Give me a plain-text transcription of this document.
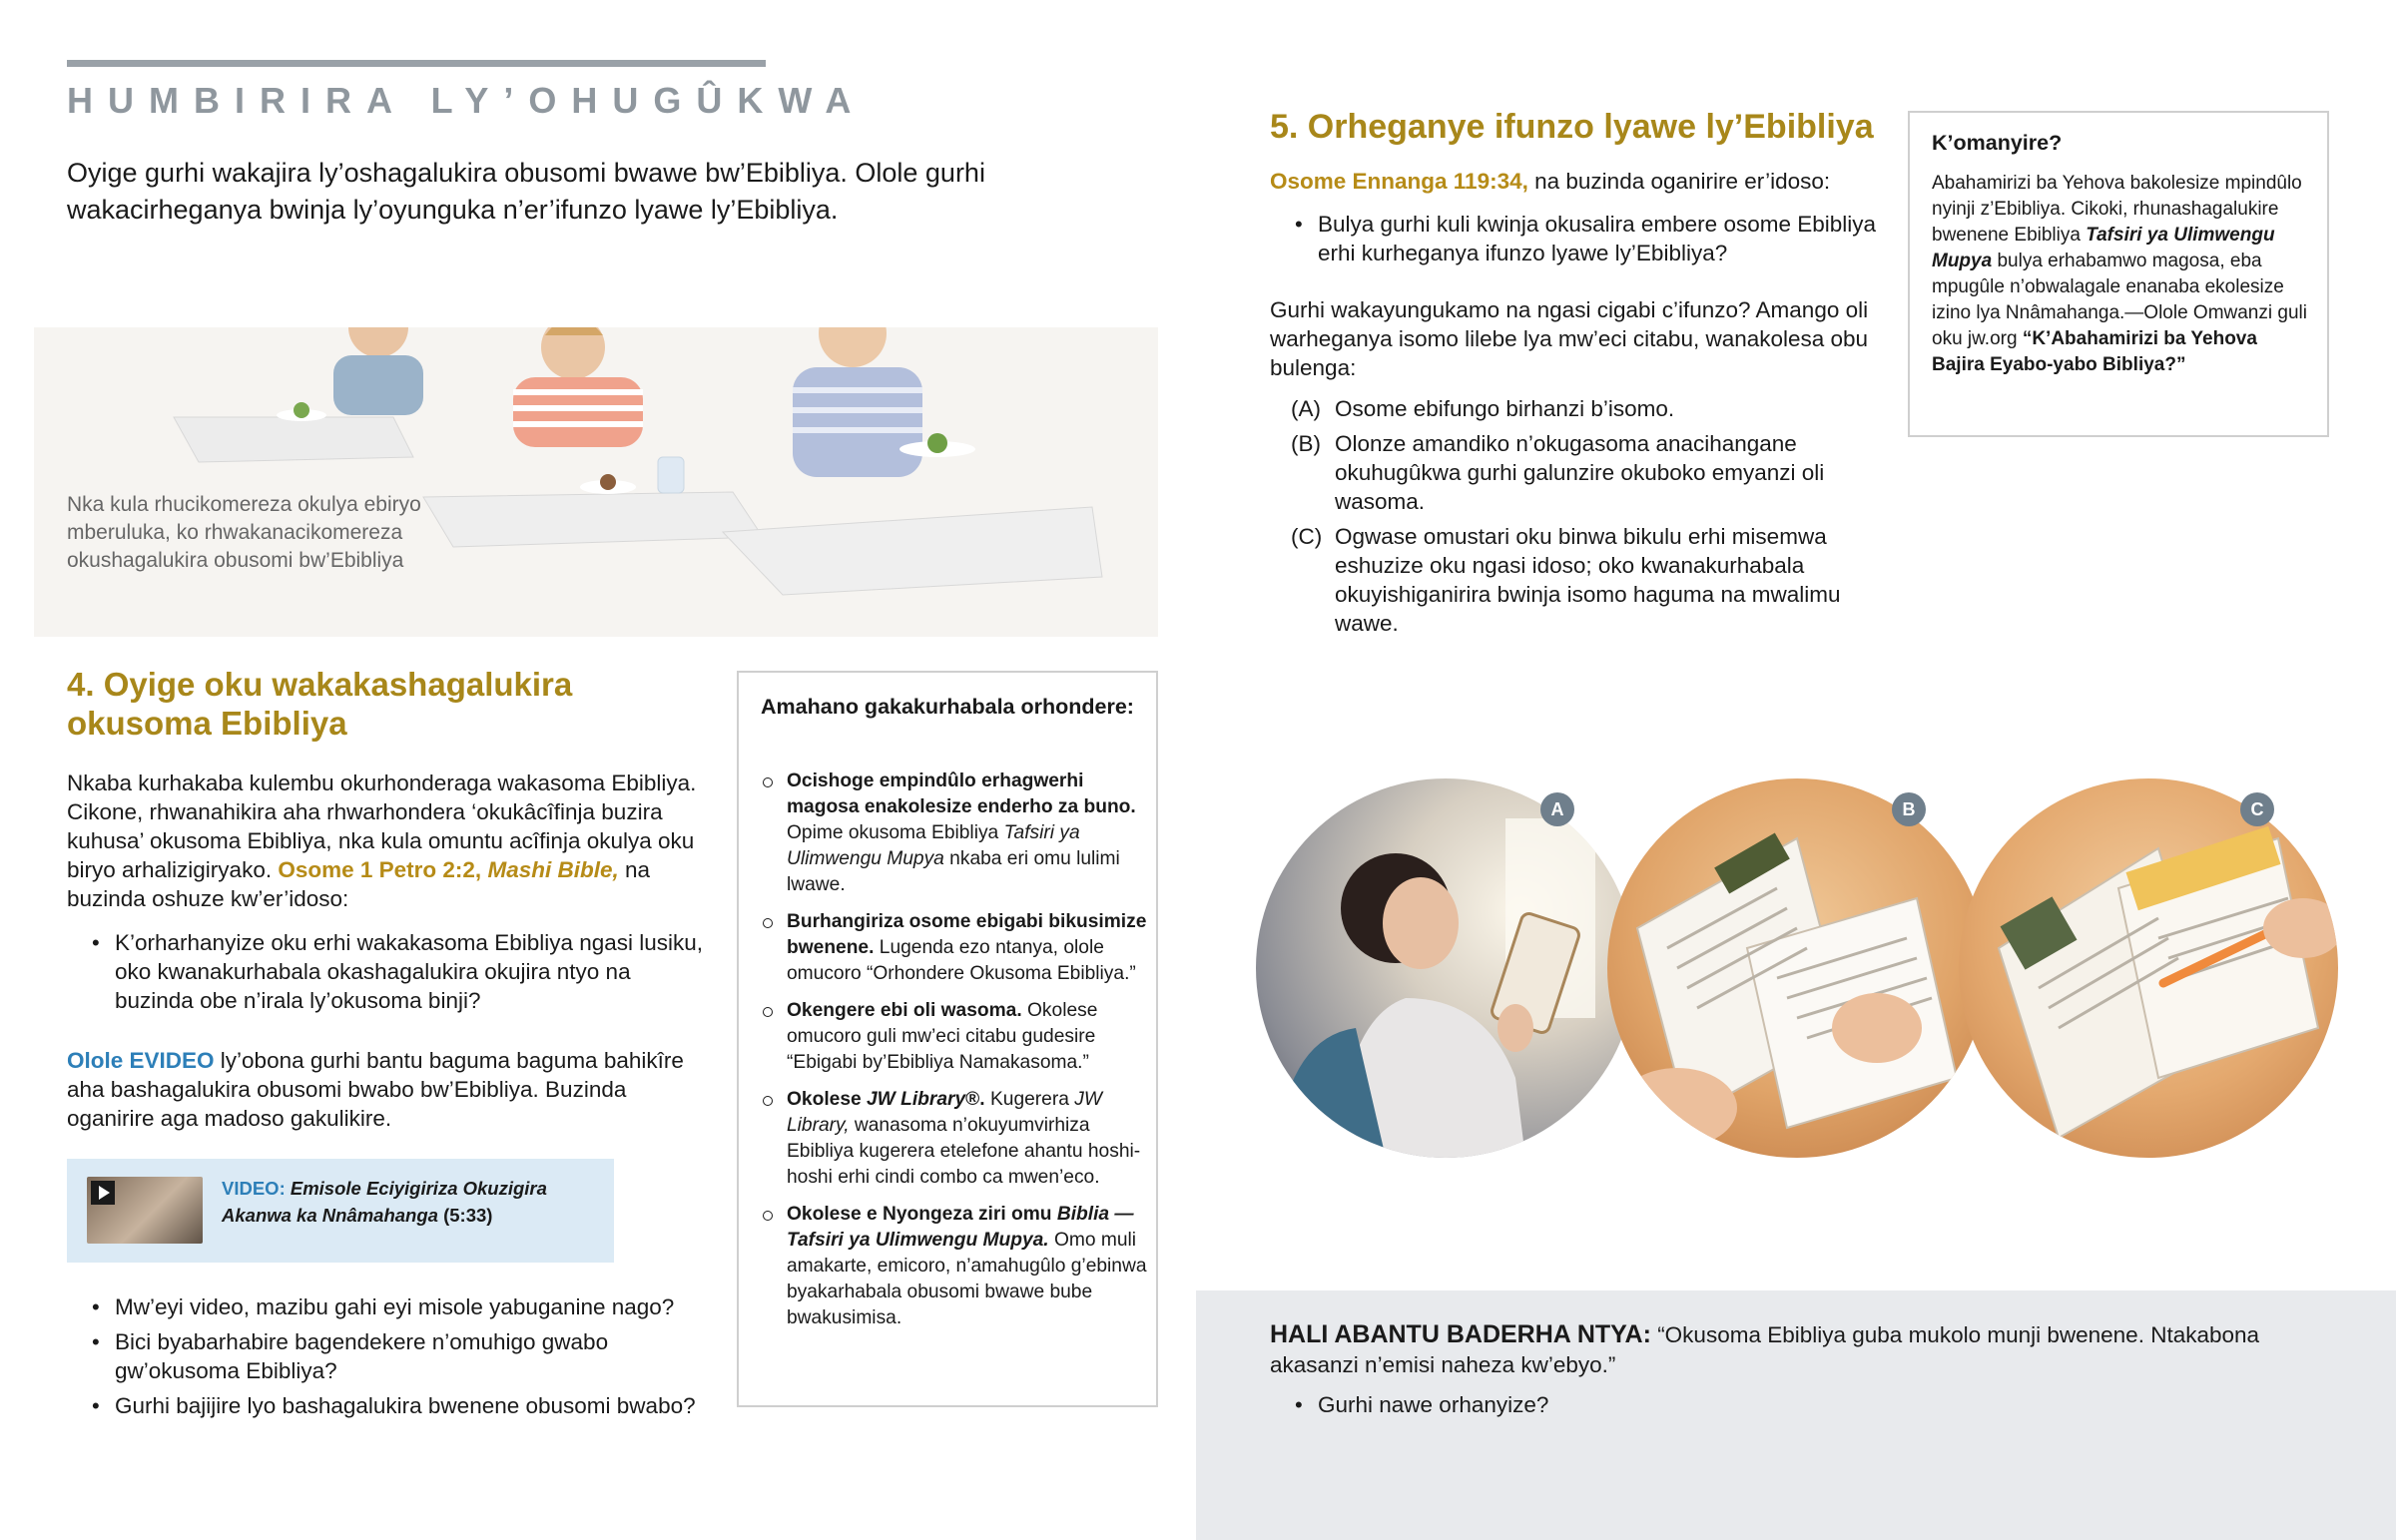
HUMBIRIRA LY’OHUGÛKWA

Oyige gurhi wakajira ly’oshagalukira obusomi bwawe bw’Ebibliya. Olole gurhi wakacirheganya bwinja ly’oyunguka n’er’ifunzo lyawe ly’Ebibliya.

Nka kula rhucikomereza okulya ebiryo mberuluka, ko rhwakanacikomereza okushagalukira obusomi bw’Ebibliya

4. Oyige oku wakakashagalukira okusoma Ebibliya

Nkaba kurhakaba kulembu okurhonderaga wakasoma Ebibliya. Cikone, rhwanahikira aha rhwarhondera ‘okukâcîfinja buzira kuhusa’ okusoma Ebibliya, nka kula omuntu acîfinja okulya oku biryo arhalizigiryako. Osome 1 Petro 2:2, Mashi Bible, na buzinda oshuze kw’er’idoso:

• K’orharhanyize oku erhi wakakasoma Ebibliya ngasi lusiku, oko kwanakurhabala okashagalukira okujira ntyo na buzinda obe n’irala ly’okusoma binji?

Olole EVIDEO ly’obona gurhi bantu baguma baguma bahikîre aha bashagalukira obusomi bwabo bw’Ebibliya. Buzinda oganirire aga madoso gakulikire.

VIDEO: Emisole Eciyigiriza Okuzigira Akanwa ka Nnâmahanga (5:33)
• Mw’eyi video, mazibu gahi eyi misole yabuganine nago?
• Bici byabarhabire bagendekere n’omuhigo gwabo gw’okusoma Ebibliya?
• Gurhi bajijire lyo bashagalukira bwenene obusomi bwabo?
Amahano gakakurhabala orhondere:
Ocishoge empindûlo erhagwerhi magosa enakolesize enderho za buno. Opime okusoma Ebibliya Tafsiri ya Ulimwengu Mupya nkaba eri omu lulimi lwawe.
Burhangiriza osome ebigabi bikusimize bwenene. Lugenda ezo ntanya, olole omucoro “Orhondere Okusoma Ebibliya.”
Okengere ebi oli wasoma. Okolese omucoro guli mw’eci citabu gudesire “Ebigabi by’Ebibliya Namakasoma.”
Okolese JW Library®. Kugerera JW Library, wanasoma n’okuyumvirhiza Ebibliya kugerera etelefone ahantu hoshi-hoshi erhi cindi combo ca mwen’eco.
Okolese e Nyongeza ziri omu Biblia —Tafsiri ya Ulimwengu Mupya. Omo muli amakarte, emicoro, n’amahugûlo g’ebinwa byakarhabala obusomi bwawe bube bwakusimisa.
5. Orheganye ifunzo lyawe ly’Ebibliya

Osome Ennanga 119:34, na buzinda oganirire er’idoso:

• Bulya gurhi kuli kwinja okusalira embere osome Ebibliya erhi kurheganya ifunzo lyawe ly’Ebibliya?

Gurhi wakayungukamo na ngasi cigabi c’ifunzo? Amango oli warheganya isomo lilebe lya mw’eci citabu, wanakolesa obu bulenga:

(A) Osome ebifungo birhanzi b’isomo.
(B) Olonze amandiko n’okugasoma anacihangane okuhugûkwa gurhi galunzire okuboko emyanzi oli wasoma.
(C) Ogwase omustari oku binwa bikulu erhi misemwa eshuzize oku ngasi idoso; oko kwanakurhabala okuyishiganirira bwinja isomo haguma na mwalimu wawe.
K’omanyire?

Abahamirizi ba Yehova bakolesize mpindûlo nyinji z’Ebibliya. Cikoki, rhunashagalukire bwenene Ebibliya Tafsiri ya Ulimwengu Mupya bulya erhabamwo magosa, eba mpugûle n’obwalagale enanaba ekolesize izino lya Nnâmahanga.—Olole Omwanzi guli oku jw.org “K’Abahamirizi ba Yehova Bajira Eyabo-yabo Bibliya?”

A	B	C

HALI ABANTU BADERHA NTYA: “Okusoma Ebibliya guba mukolo munji bwenene. Ntakabona akasanzi n’emisi naheza kw’ebyo.”

• Gurhi nawe orhanyize?
